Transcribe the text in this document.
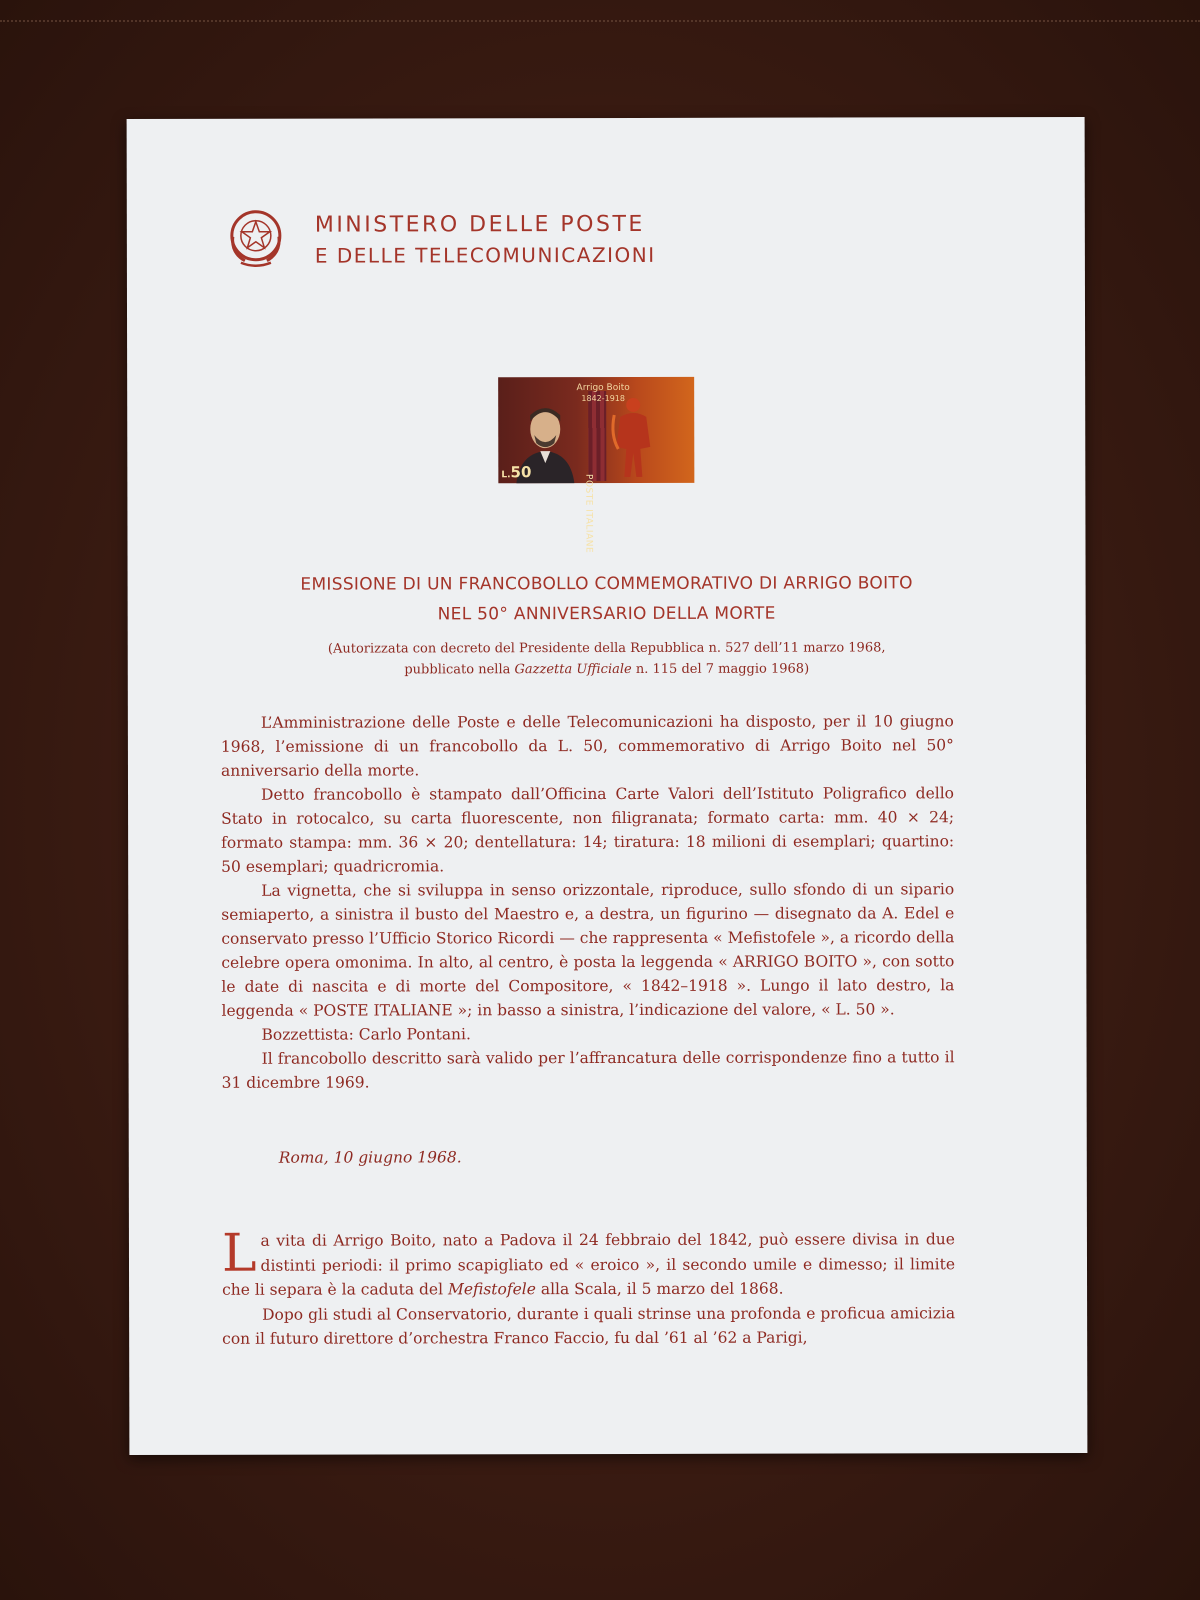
MINISTERO DELLE POSTE
E DELLE TELECOMUNICAZIONI
Arrigo Boito
1842-1918
POSTE ITALIANE
L.50
EMISSIONE DI UN FRANCOBOLLO COMMEMORATIVO DI ARRIGO BOITO
NEL 50° ANNIVERSARIO DELLA MORTE
(Autorizzata con decreto del Presidente della Repubblica n. 527 dell’11 marzo 1968,
pubblicato nella Gazzetta Ufficiale n. 115 del 7 maggio 1968)

L’Amministrazione delle Poste e delle Telecomunicazioni ha disposto, per il 10 giugno 1968, l’emissione di un francobollo da L. 50, commemorativo di Arrigo Boito nel 50° anniversario della morte.

Detto francobollo è stampato dall’Officina Carte Valori dell’Istituto Poligrafico dello Stato in rotocalco, su carta fluorescente, non filigranata; formato carta: mm. 40 × 24; formato stampa: mm. 36 × 20; dentellatura: 14; tiratura: 18 milioni di esemplari; quartino: 50 esemplari; quadricromia.

La vignetta, che si sviluppa in senso orizzontale, riproduce, sullo sfondo di un sipario semiaperto, a sinistra il busto del Maestro e, a destra, un figurino — disegnato da A. Edel e conservato presso l’Ufficio Storico Ricordi — che rappresenta « Mefistofele », a ricordo della celebre opera omonima. In alto, al centro, è posta la leggenda « ARRIGO BOITO », con sotto le date di nascita e di morte del Compositore, « 1842–1918 ». Lungo il lato destro, la leggenda « POSTE ITALIANE »; in basso a sinistra, l’indicazione del valore, « L. 50 ».

Bozzettista: Carlo Pontani.

Il francobollo descritto sarà valido per l’affrancatura delle corrispondenze fino a tutto il 31 dicembre 1969.

Roma, 10 giugno 1968.

La vita di Arrigo Boito, nato a Padova il 24 febbraio del 1842, può essere divisa in due distinti periodi: il primo scapigliato ed « eroico », il secondo umile e dimesso; il limite che li separa è la caduta del Mefistofele alla Scala, il 5 marzo del 1868.

Dopo gli studi al Conservatorio, durante i quali strinse una profonda e proficua amicizia con il futuro direttore d’orchestra Franco Faccio, fu dal ’61 al ’62 a Parigi,
